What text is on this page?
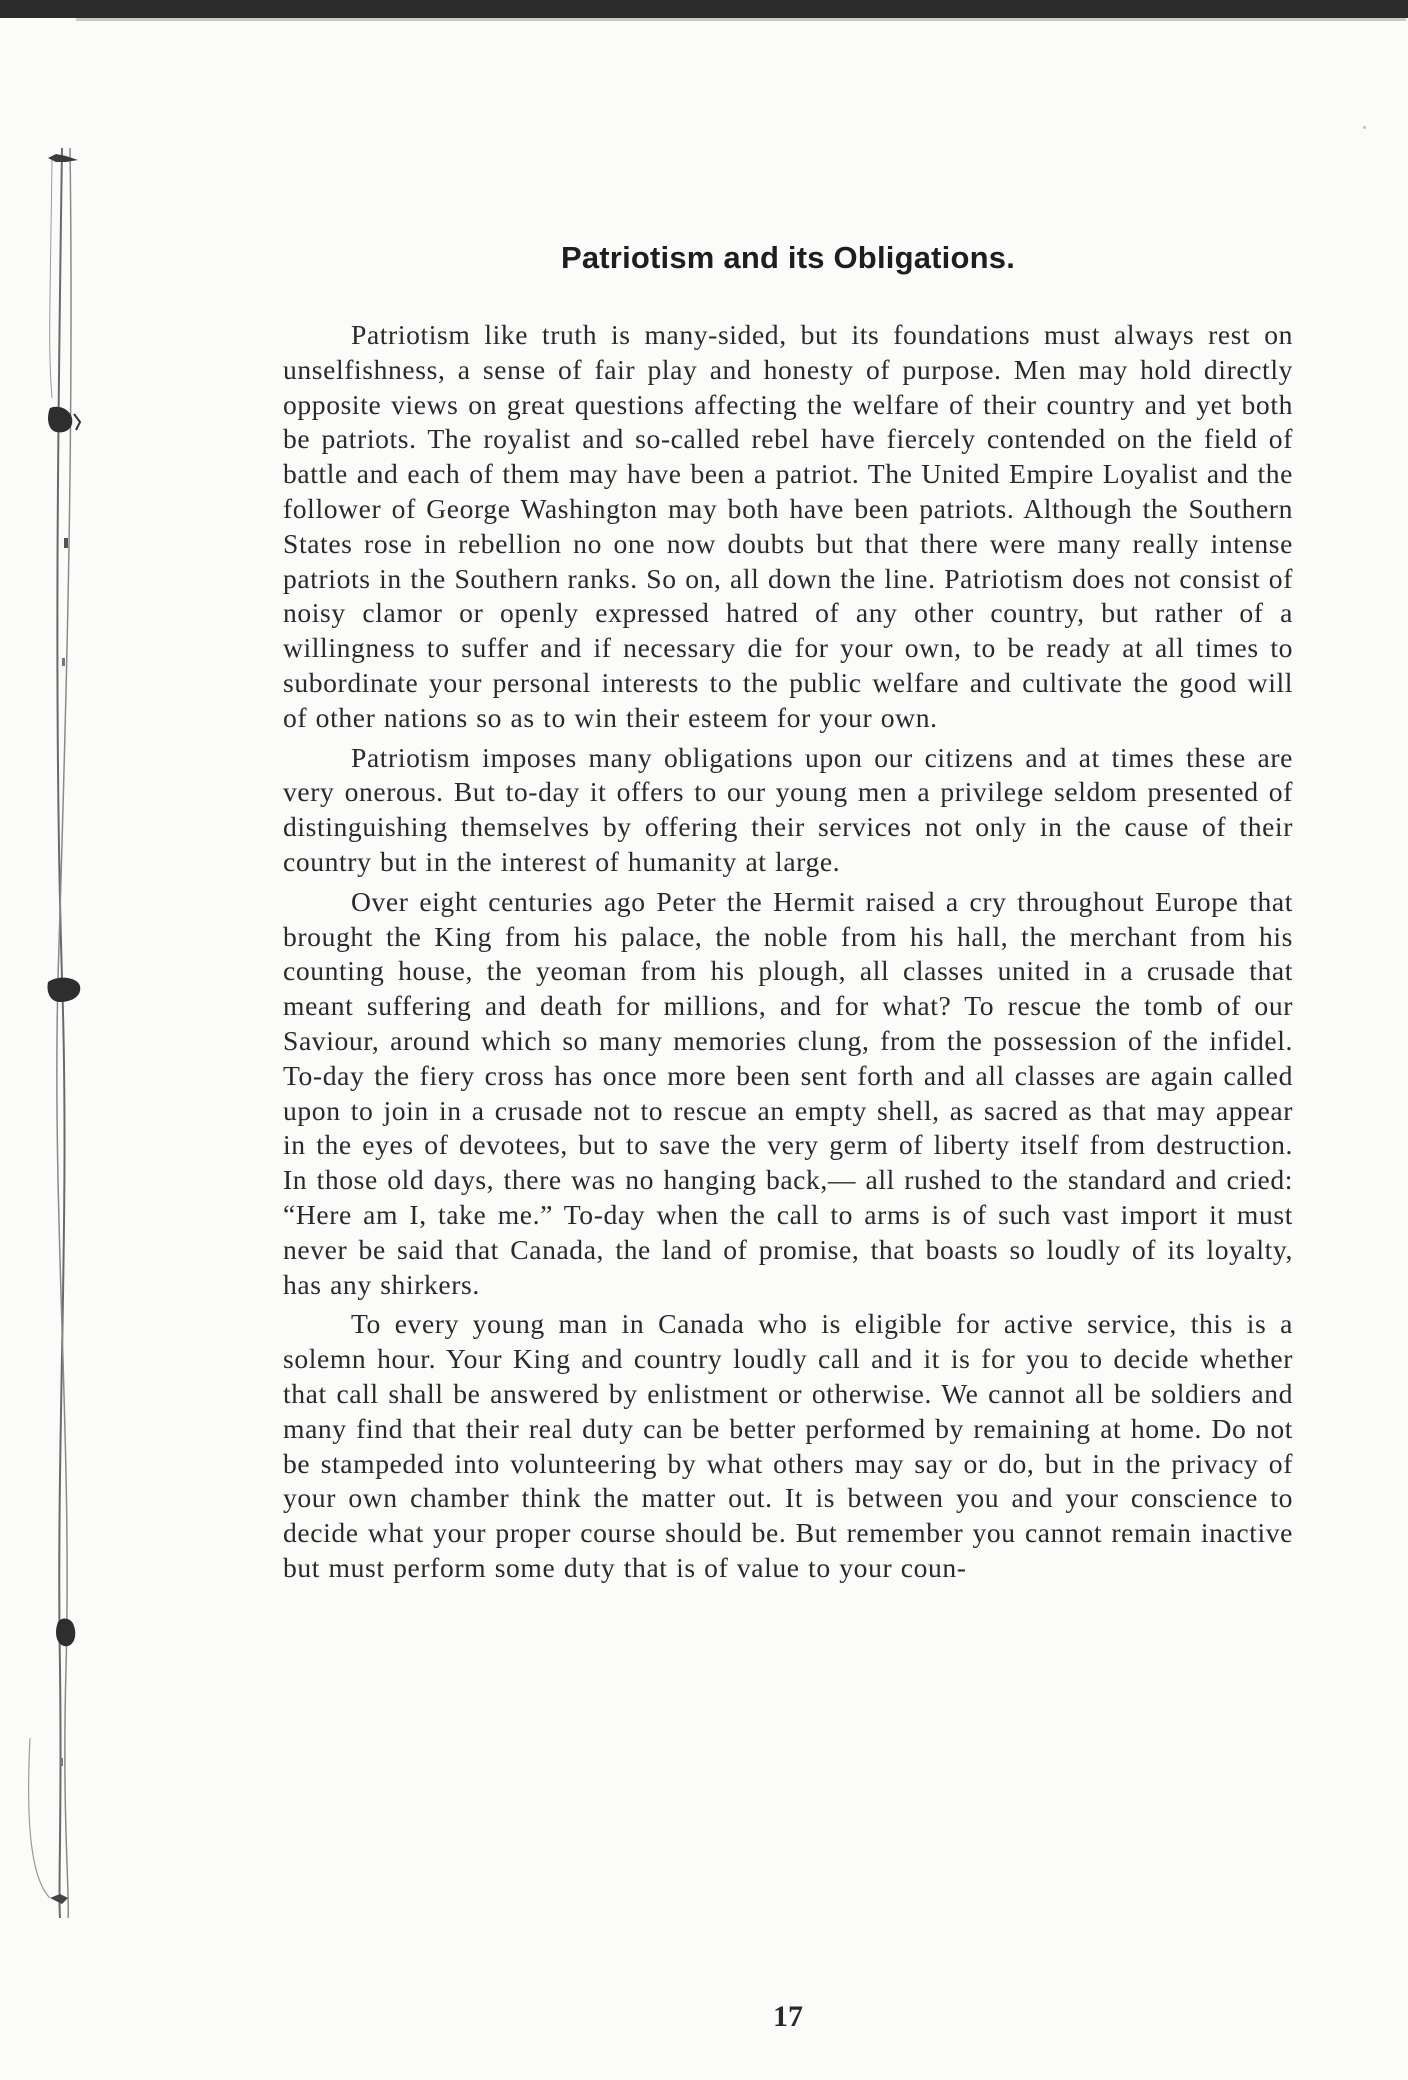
Patriotism and its Obligations.

Patriotism like truth is many-sided, but its foundations must always rest on unselfishness, a sense of fair play and honesty of purpose. Men may hold directly opposite views on great questions affecting the welfare of their country and yet both be patriots. The royalist and so-called rebel have fiercely contended on the field of battle and each of them may have been a patriot. The United Empire Loyalist and the follower of George Washington may both have been patriots. Although the Southern States rose in rebellion no one now doubts but that there were many really intense patriots in the Southern ranks. So on, all down the line. Patriotism does not consist of noisy clamor or openly expressed hatred of any other country, but rather of a willingness to suffer and if necessary die for your own, to be ready at all times to subordinate your personal interests to the public welfare and cultivate the good will of other nations so as to win their esteem for your own.

Patriotism imposes many obligations upon our citizens and at times these are very onerous. But to-day it offers to our young men a privilege seldom presented of distinguishing themselves by offering their services not only in the cause of their country but in the interest of humanity at large.

Over eight centuries ago Peter the Hermit raised a cry throughout Europe that brought the King from his palace, the noble from his hall, the merchant from his counting house, the yeoman from his plough, all classes united in a crusade that meant suffering and death for millions, and for what? To rescue the tomb of our Saviour, around which so many memories clung, from the possession of the infidel. To-day the fiery cross has once more been sent forth and all classes are again called upon to join in a crusade not to rescue an empty shell, as sacred as that may appear in the eyes of devotees, but to save the very germ of liberty itself from destruction. In those old days, there was no hanging back,— all rushed to the standard and cried: “Here am I, take me.” To-day when the call to arms is of such vast import it must never be said that Canada, the land of promise, that boasts so loudly of its loyalty, has any shirkers.

To every young man in Canada who is eligible for active service, this is a solemn hour. Your King and country loudly call and it is for you to decide whether that call shall be answered by enlistment or otherwise. We cannot all be soldiers and many find that their real duty can be better performed by remaining at home. Do not be stampeded into volunteering by what others may say or do, but in the privacy of your own chamber think the matter out. It is between you and your conscience to decide what your proper course should be. But remember you cannot remain inactive but must perform some duty that is of value to your coun-

17
